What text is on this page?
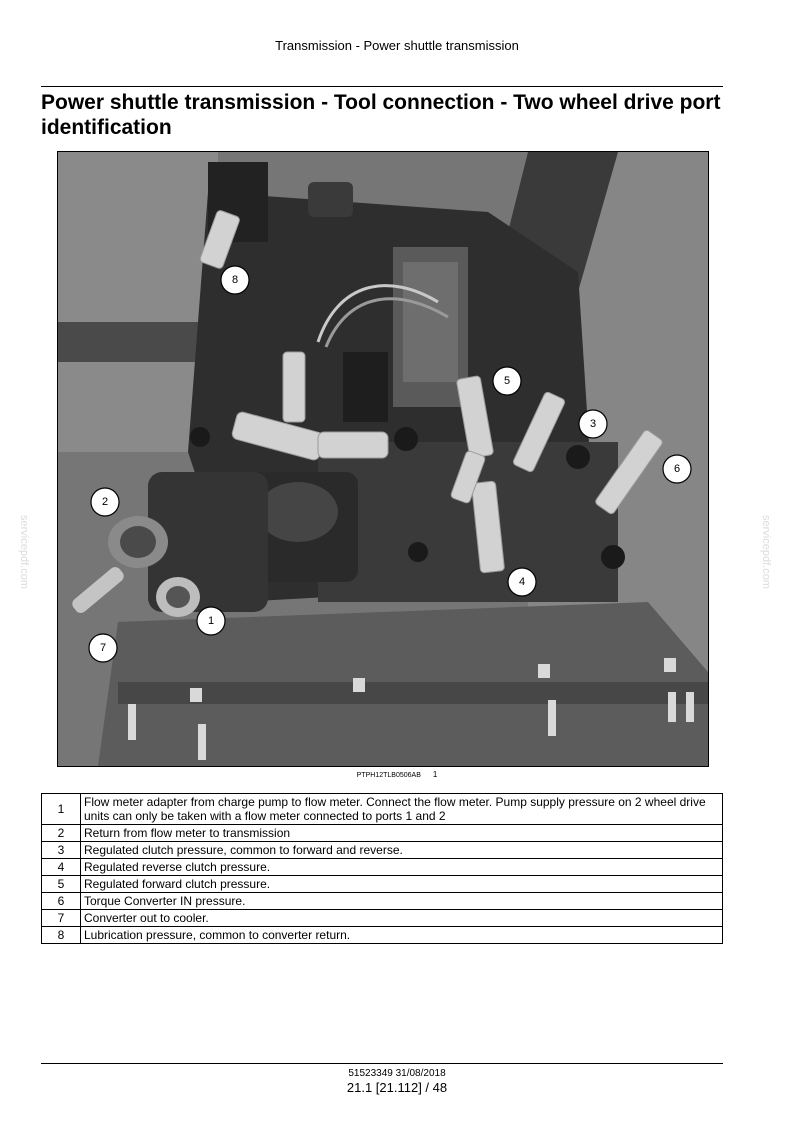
Transmission - Power shuttle transmission
Power shuttle transmission - Tool connection - Two wheel drive port identification
1
2
3
4
5
6
7
8
PTPH12TLB0506AB 1
1	Flow meter adapter from charge pump to flow meter. Connect the flow meter. Pump supply pressure on 2 wheel drive units can only be taken with a flow meter connected to ports 1 and 2
2	Return from flow meter to transmission
3	Regulated clutch pressure, common to forward and reverse.
4	Regulated reverse clutch pressure.
5	Regulated forward clutch pressure.
6	Torque Converter IN pressure.
7	Converter out to cooler.
8	Lubrication pressure, common to converter return.
servicepdf.com	servicepdf.com
51523349 31/08/2018
21.1 [21.112] / 48
